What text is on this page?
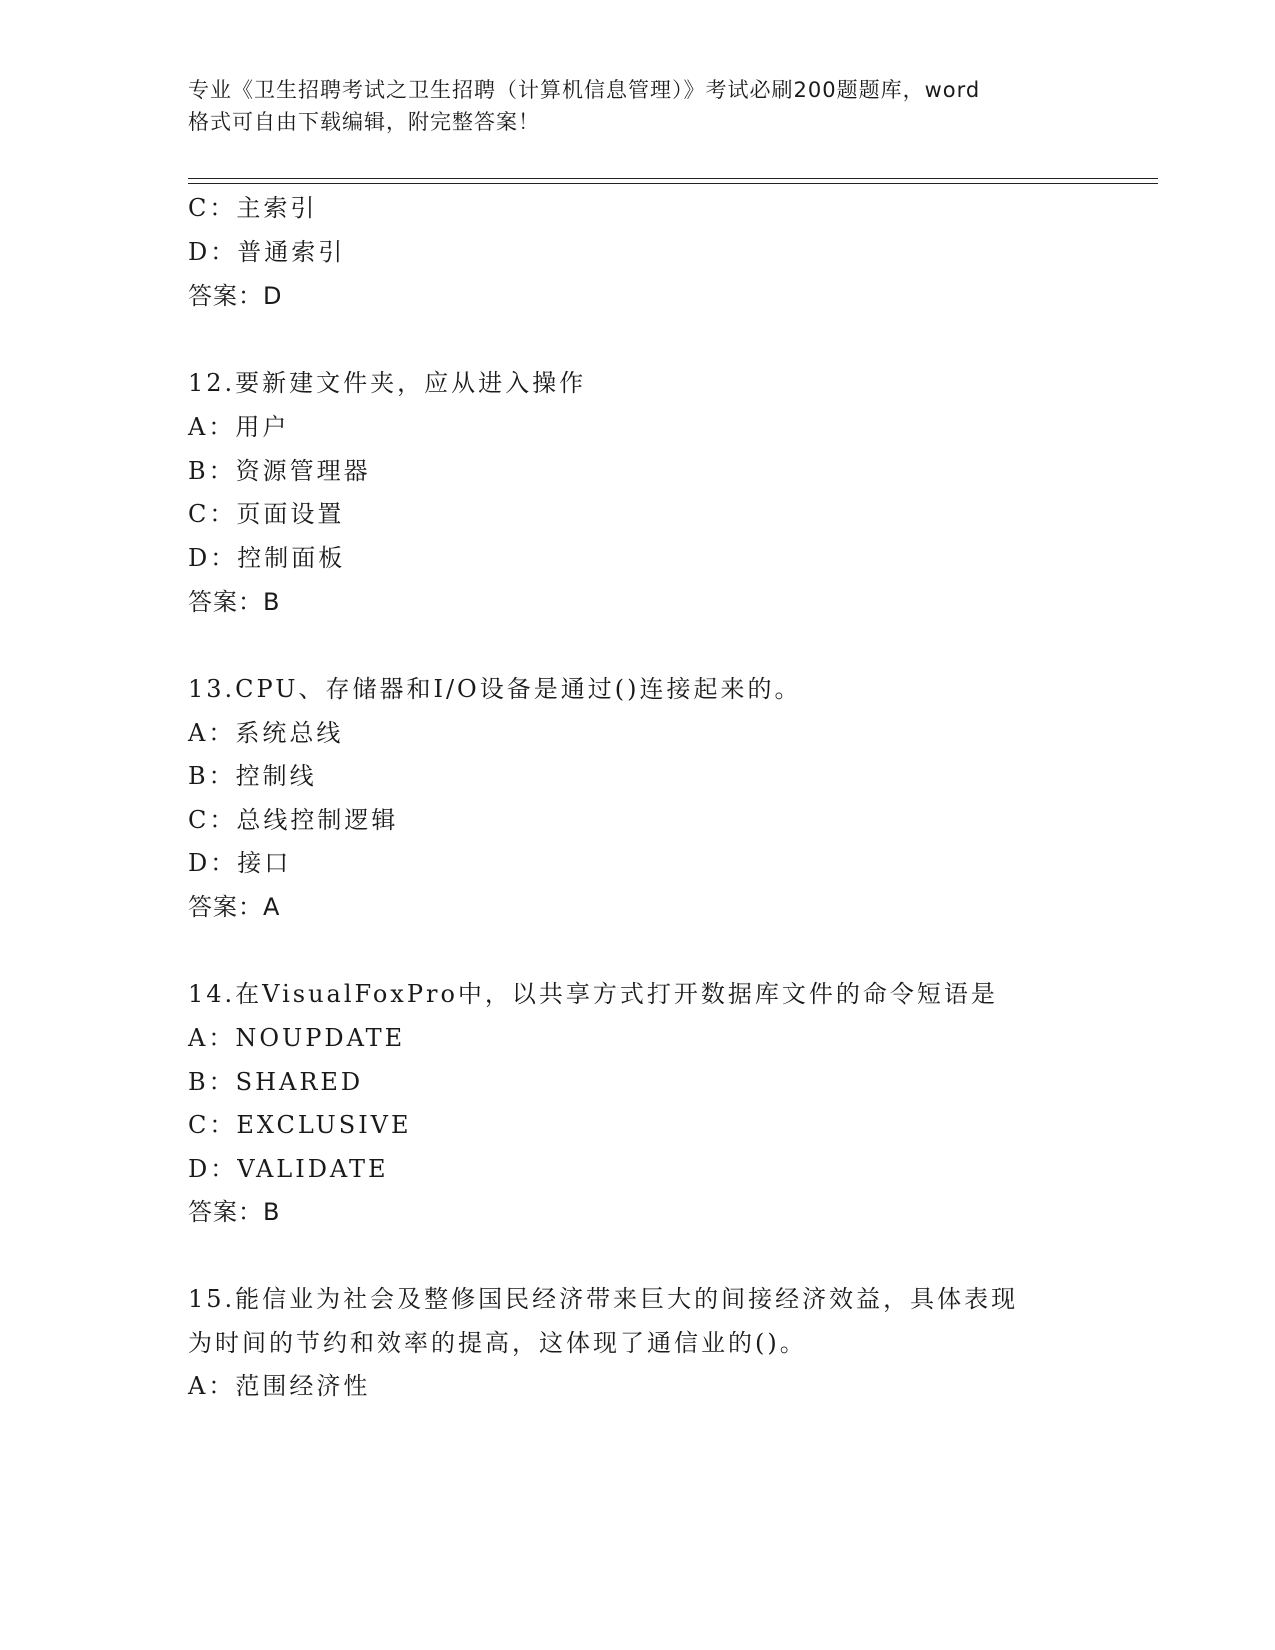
专业《卫生招聘考试之卫生招聘（计算机信息管理）》考试必刷200题题库，word
格式可自由下载编辑，附完整答案！
C：主索引
D：普通索引
答案：D
12.要新建文件夹，应从进入操作
A：用户
B：资源管理器
C：页面设置
D：控制面板
答案：B
13.CPU、存储器和I/O设备是通过()连接起来的。
A：系统总线
B：控制线
C：总线控制逻辑
D：接口
答案：A
14.在VisualFoxPro中，以共享方式打开数据库文件的命令短语是
A：NOUPDATE
B：SHARED
C：EXCLUSIVE
D：VALIDATE
答案：B
15.能信业为社会及整修国民经济带来巨大的间接经济效益，具体表现
为时间的节约和效率的提高，这体现了通信业的()。
A：范围经济性
